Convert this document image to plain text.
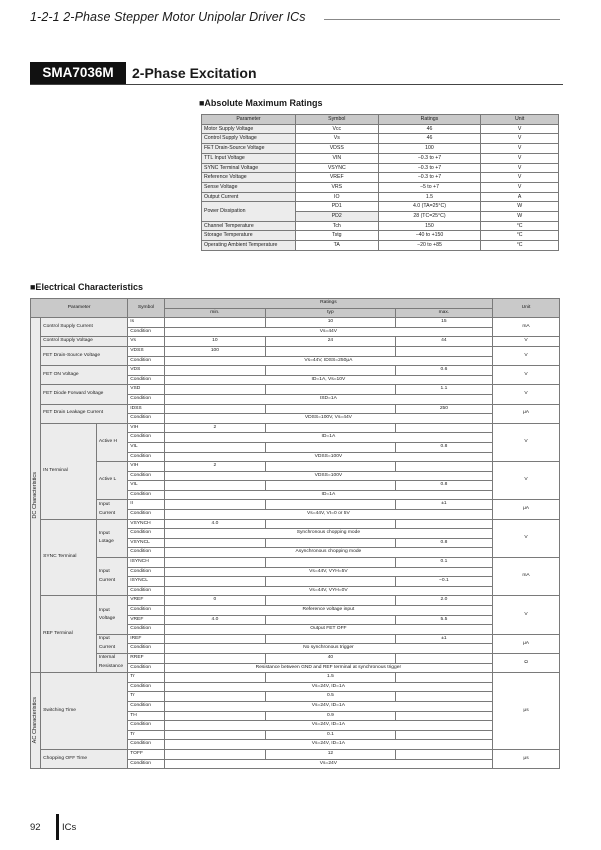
1-2-1 2-Phase Stepper Motor Unipolar Driver ICs
SMA7036M	2-Phase Excitation
■Absolute Maximum Ratings
Parameter	Symbol	Ratings	Unit
Motor Supply Voltage	Vcc	46	V
Control Supply Voltage	Vs	46	V
FET Drain-Source Voltage	VDSS	100	V
TTL Input Voltage	VIN	−0.3 to +7	V
SYNC Terminal Voltage	VSYNC	−0.3 to +7	V
Reference Voltage	VREF	−0.3 to +7	V
Sense Voltage	VRS	−5 to +7	V
Output Current	IO	1.5	A
Power Dissipation	PD1	4.0 (TA=25°C)	W
	PD2	28 (TC=25°C)	W
Channel Temperature	Tch	150	°C
Storage Temperature	Tstg	−40 to +150	°C
Operating Ambient Temperature	TA	−20 to +85	°C
■Electrical Characteristics
Parameter			Symbol	Ratings			Unit
				min.	typ	max.	

DC Characteristics	Control Supply Current		Is		10	15	mA
			Condition	Vs=44V			
	Control Supply Voltage		Vs	10	24	44	V
	FET Drain-Source Voltage		VDSS	100			V
			Condition	Vs=44V, IDSS=250μA			
	FET ON Voltage		VDS			0.6	V
			Condition	ID=1A, Vs=10V			
	FET Diode Forward Voltage		VSD			1.1	V
			Condition	ISD=1A			
	FET Drain Leakage Current		IDSS			250	μA
			Condition	VDSS=100V, Vs=44V			
	IN Terminal	Active H	VIH	2			V
			Condition	ID=1A			
			VIL			0.8	
			Condition	VDSS=100V			
		Active L	VIH	2			V
			Condition	VDSS=100V			
			VIL			0.8	
			Condition	ID=1A			
		Input Current	II			±1	μA
			Condition	Vs=44V, VI=0 or 5V			
	SYNC Terminal	Input Lotage	VSYNCH	4.0			V
			Condition	Synchronous chopping mode			
			VSYNCL			0.8	
			Condition	Asynchronous chopping mode			
		Input Current	ISYNCH			0.1	mA
			Condition	Vs=44V, VYH=5V			
			ISYNCL			−0.1	
			Condition	Vs=44V, VYH=0V			
	REF Terminal	Input Voltage	VREF	0		2.0	V
			Condition	Reference voltage input			
			VREF	4.0		5.5	
			Condition	Output FET OFF			
		Input Current	IREF			±1	μA
			Condition	No synchronous trigger			
		Internal Resistance	RREF		40		Ω
			Condition	Resistance between GND and REF terminal at synchronous trigger			

AC Characteristics	Switching Time		Tr		1.5		μs
			Condition	Vs=24V, ID=1A			
			Tr		0.5		
			Condition	Vs=24V, ID=1A			
			TH		0.9		
			Condition	Vs=24V, ID=1A			
			Tr		0.1		
			Condition	Vs=24V, ID=1A			
	Chopping OFF Time		TOFF		12		μs
			Condition	Vs=24V			
92 ICs
